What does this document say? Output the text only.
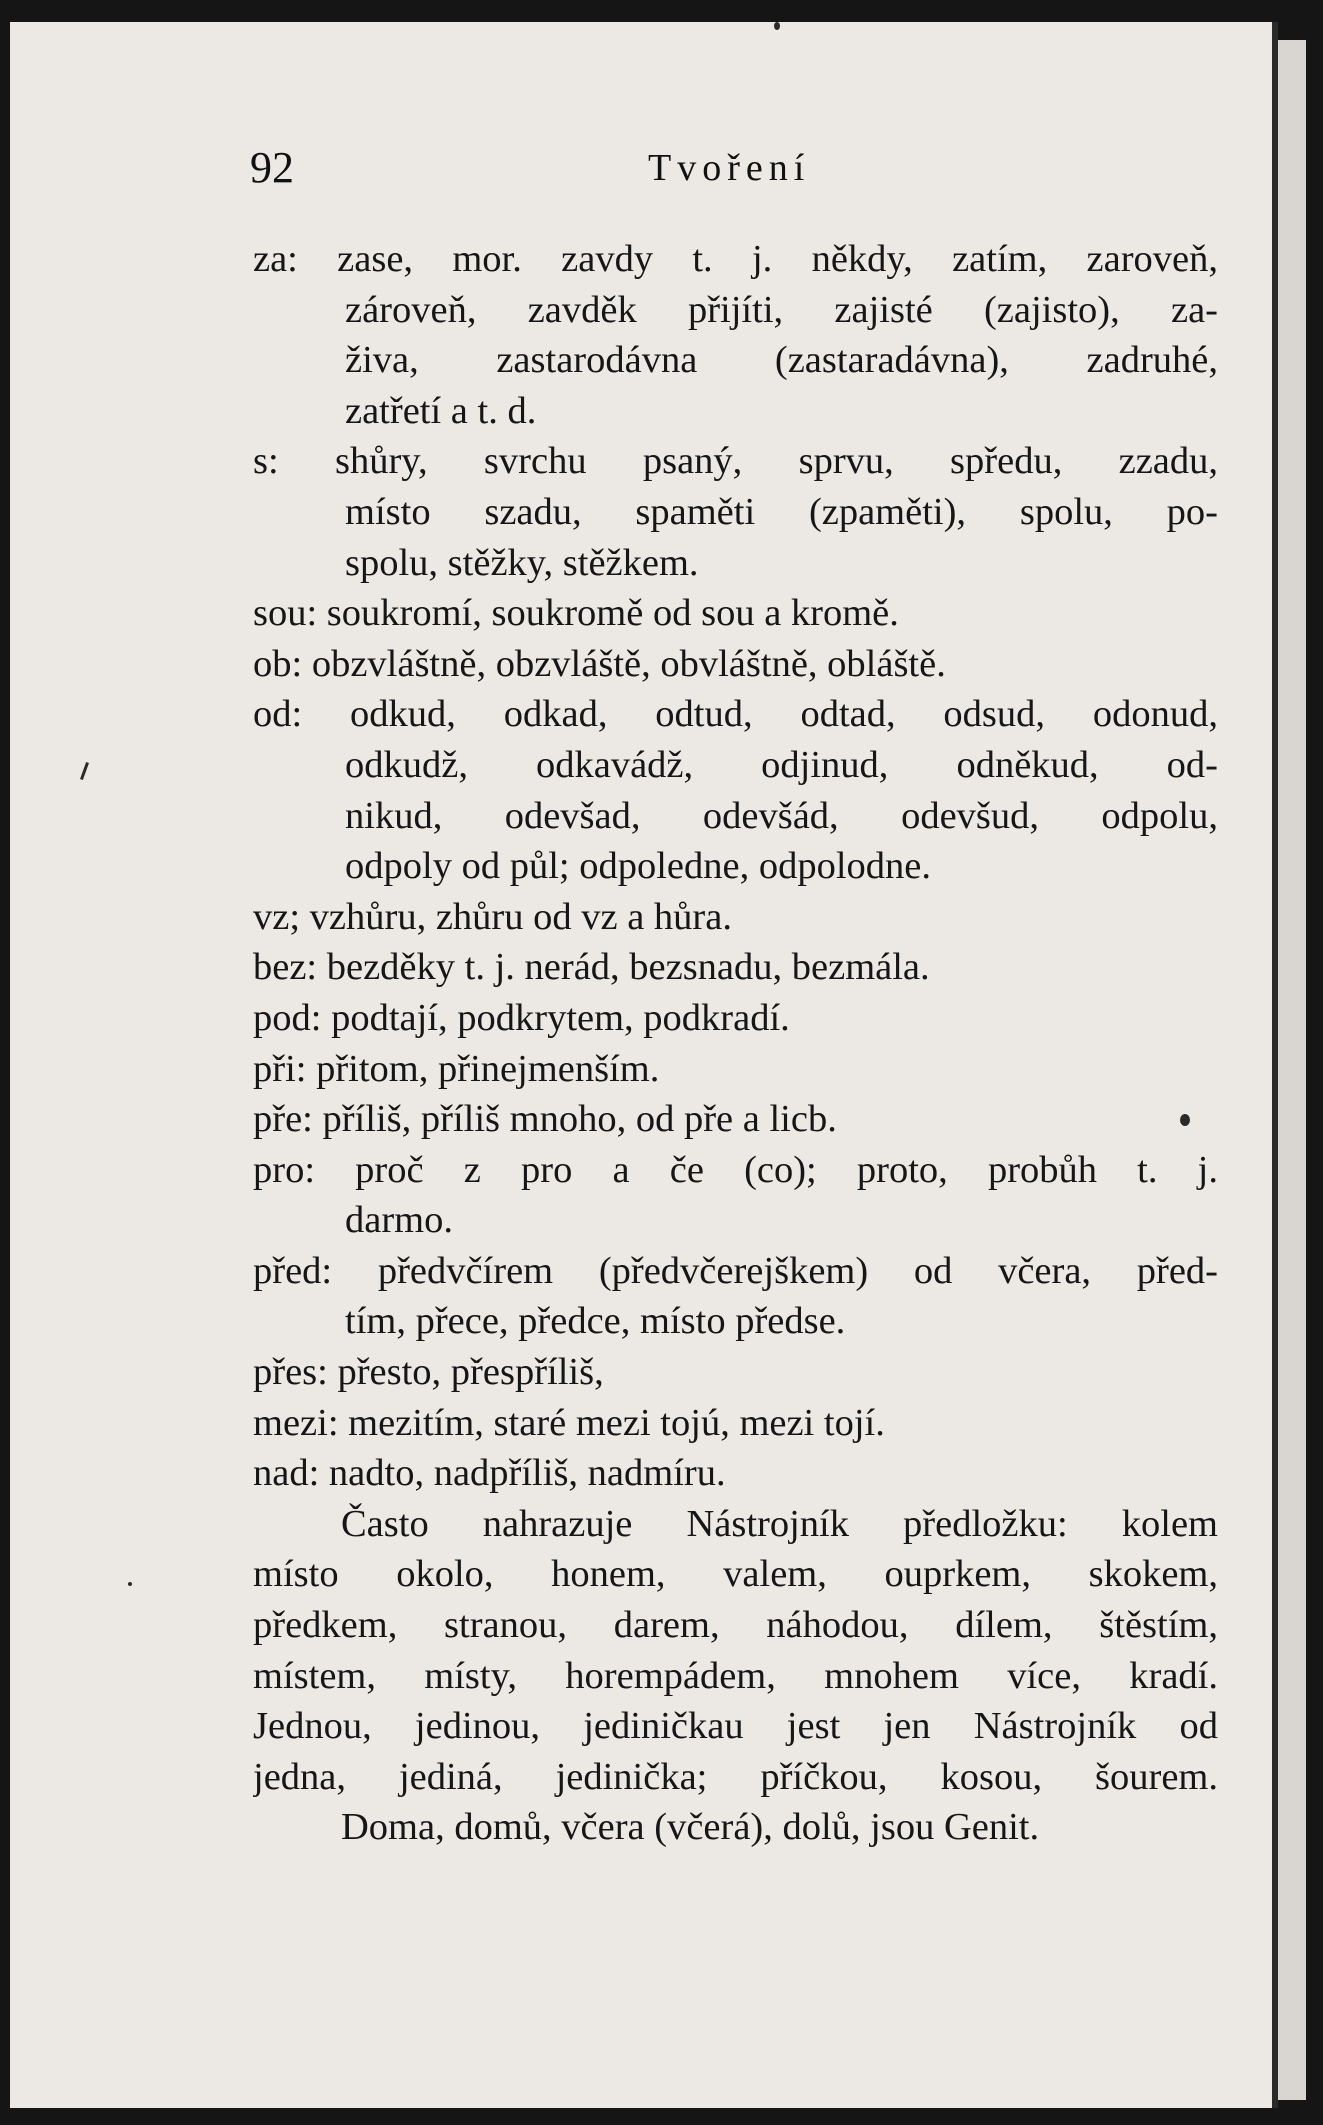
92	Tvoření
za: zase, mor. zavdy t. j. někdy, zatím, zaroveň,
zároveň, zavděk přijíti, zajisté (zajisto), za-
živa, zastarodávna (zastaradávna), zadruhé,
zatřetí a t. d.
s: shůry, svrchu psaný, sprvu, spředu, zzadu,
místo szadu, spaměti (zpaměti), spolu, po-
spolu, stěžky, stěžkem.
sou: soukromí, soukromě od sou a kromě.
ob: obzvláštně, obzvláště, obvláštně, obláště.
od: odkud, odkad, odtud, odtad, odsud, odonud,
odkudž, odkavádž, odjinud, odněkud, od-
nikud, odevšad, odevšád, odevšud, odpolu,
odpoly od půl; odpoledne, odpolodne.
vz; vzhůru, zhůru od vz a hůra.
bez: bezděky t. j. nerád, bezsnadu, bezmála.
pod: podtají, podkrytem, podkradí.
při: přitom, přinejmenším.
pře: příliš, příliš mnoho, od pře a licb.
pro: proč z pro a če (co); proto, probůh t. j.
darmo.
před: předvčírem (předvčerejškem) od včera, před-
tím, přece, předce, místo předse.
přes: přesto, přespříliš,
mezi: mezitím, staré mezi tojú, mezi tojí.
nad: nadto, nadpříliš, nadmíru.
Často nahrazuje Nástrojník předložku: kolem
místo okolo, honem, valem, ouprkem, skokem,
předkem, stranou, darem, náhodou, dílem, štěstím,
místem, místy, horempádem, mnohem více, kradí.
Jednou, jedinou, jediničkau jest jen Nástrojník od
jedna, jediná, jedinička; příčkou, kosou, šourem.
Doma, domů, včera (včerá), dolů, jsou Genit.
